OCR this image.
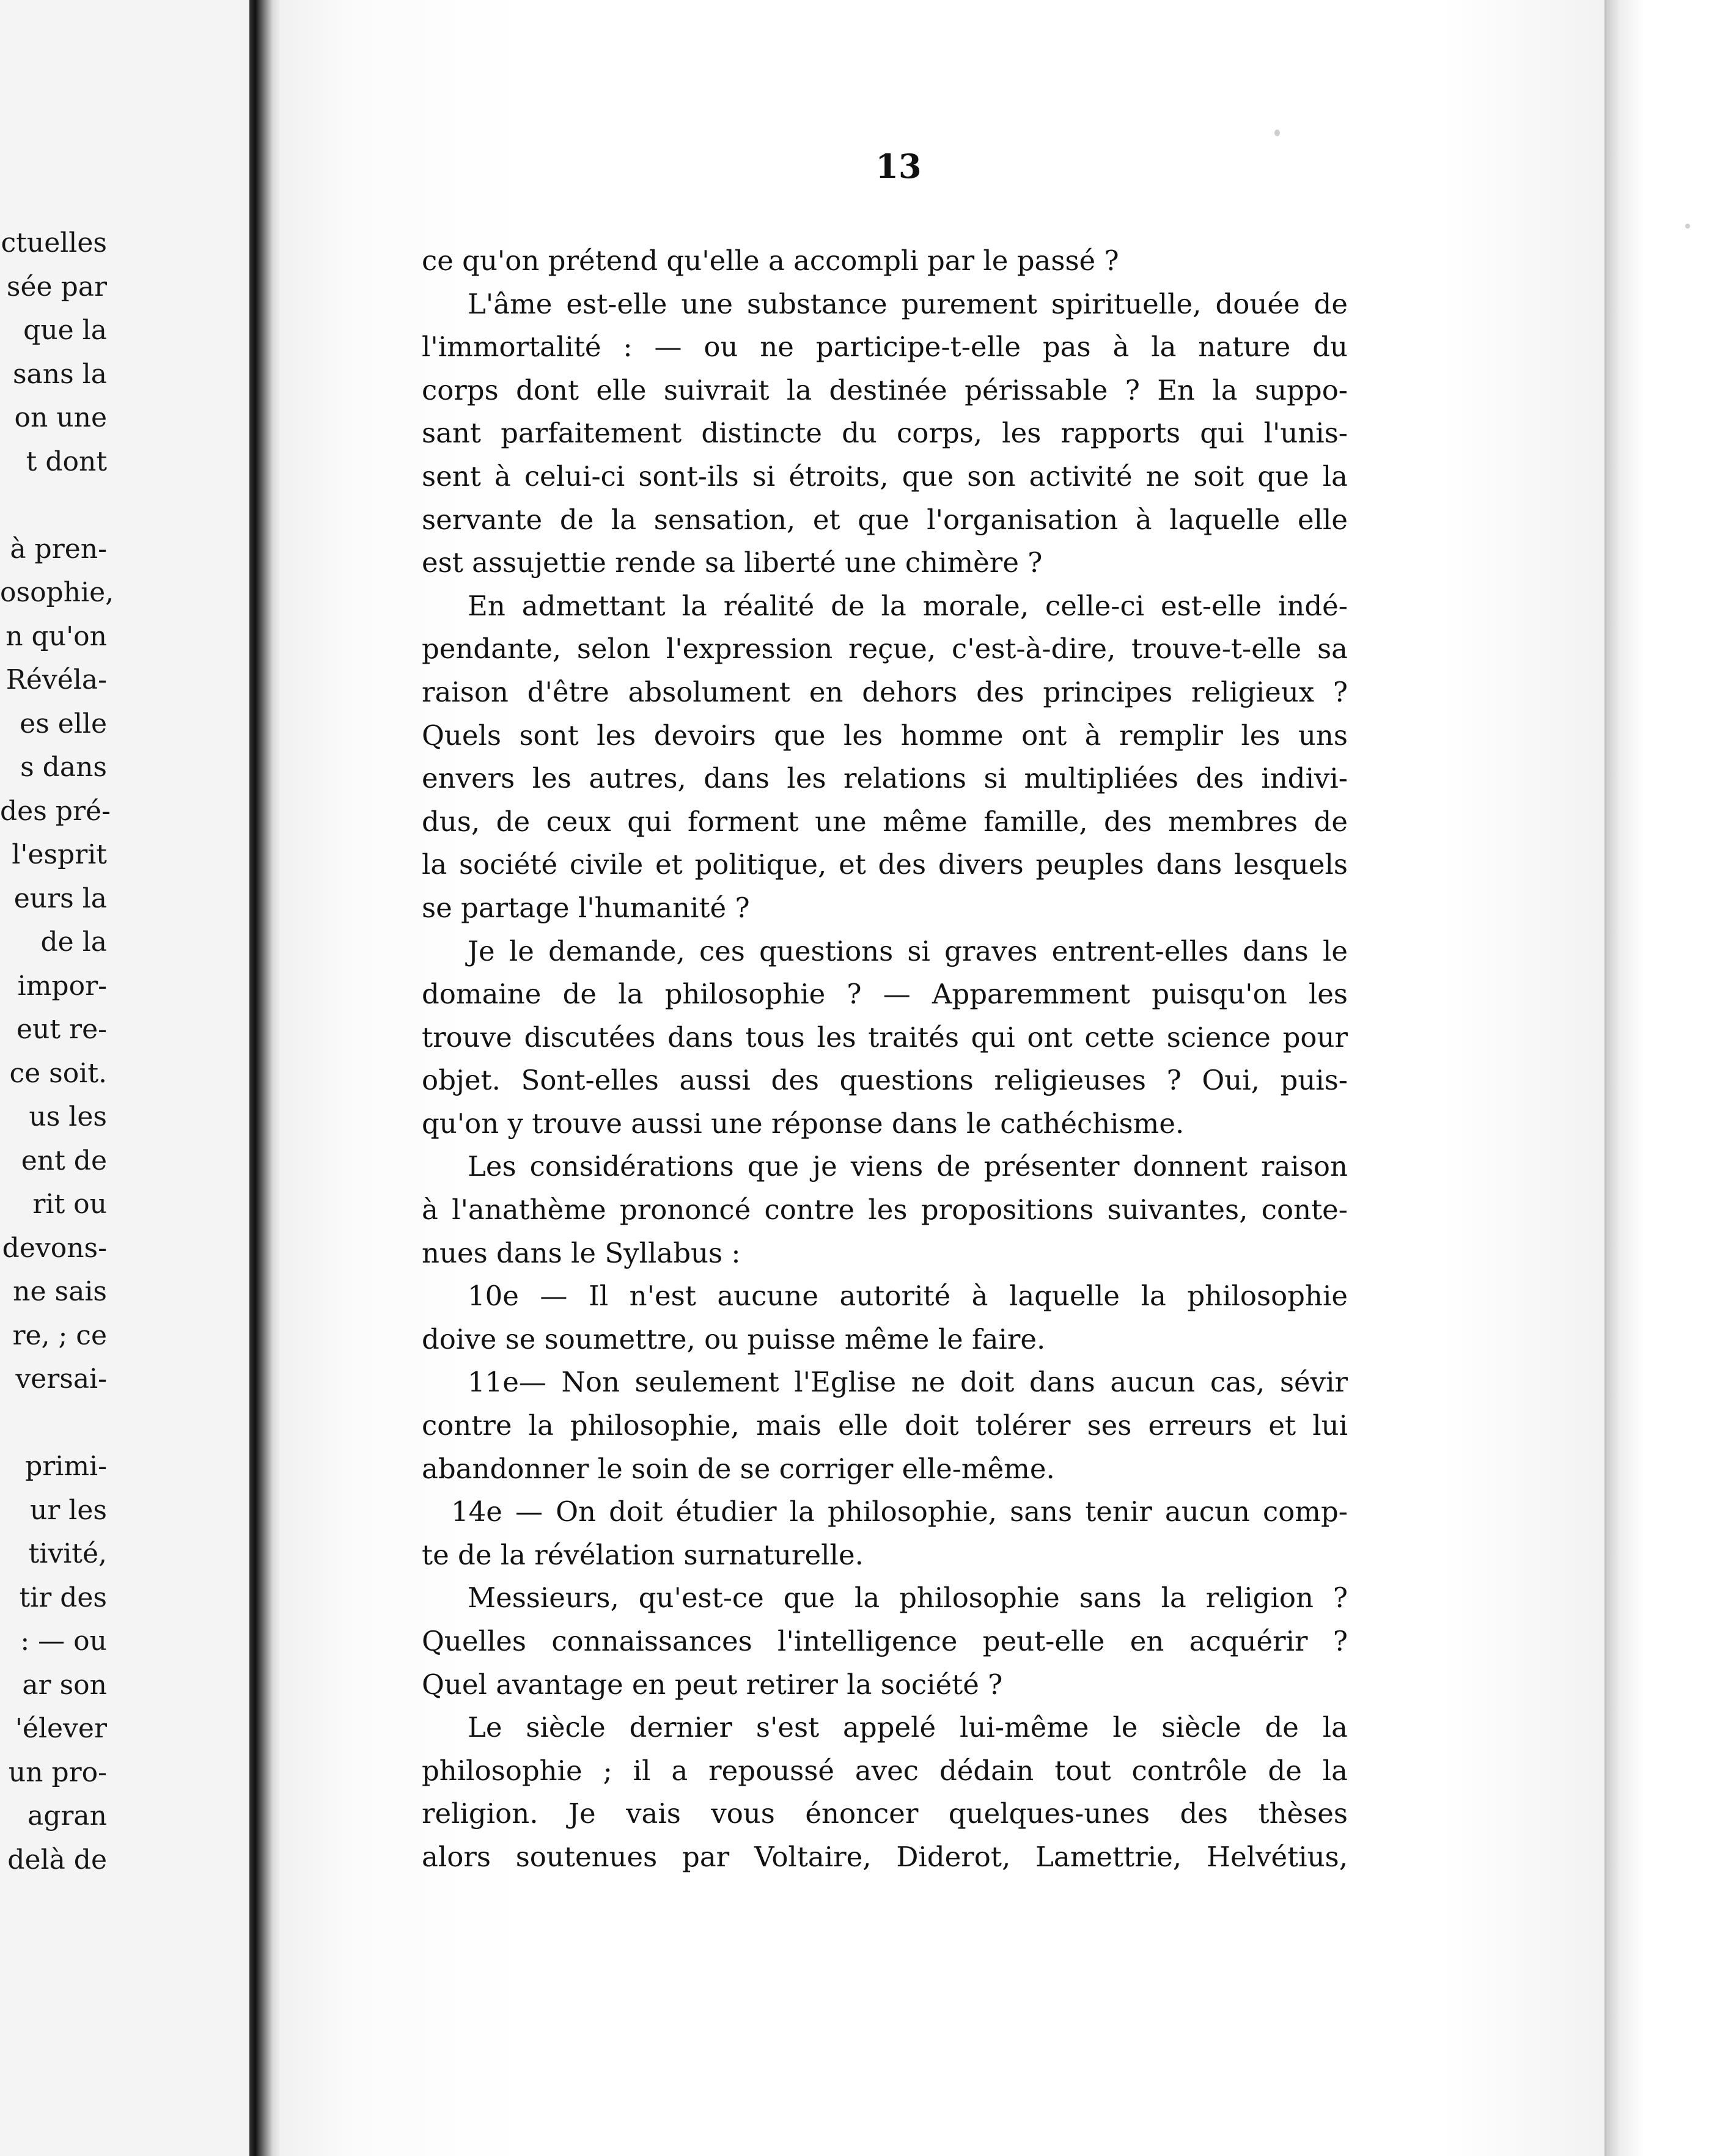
ctuelles
sée par
que la
sans la
on une
t dont
à pren-
osophie,
n qu'on
Révéla-
es elle
s dans
des pré-
l'esprit
eurs la
de la
impor-
eut re-
ce soit.
us les
ent de
rit ou
devons-
ne sais
re, ; ce
versai-
primi-
ur les
tivité,
tir des
: — ou
ar son
'élever
un pro-
agran
delà de
13
ce qu'on prétend qu'elle a accompli par le passé ?
L'âme est-elle une substance purement spirituelle, douée de
l'immortalité : — ou ne participe-t-elle pas à la nature du
corps dont elle suivrait la destinée périssable ? En la suppo-
sant parfaitement distincte du corps, les rapports qui l'unis-
sent à celui-ci sont-ils si étroits, que son activité ne soit que la
servante de la sensation, et que l'organisation à laquelle elle
est assujettie rende sa liberté une chimère ?
En admettant la réalité de la morale, celle-ci est-elle indé-
pendante, selon l'expression reçue, c'est-à-dire, trouve-t-elle sa
raison d'être absolument en dehors des principes religieux ?
Quels sont les devoirs que les homme ont à remplir les uns
envers les autres, dans les relations si multipliées des indivi-
dus, de ceux qui forment une même famille, des membres de
la société civile et politique, et des divers peuples dans lesquels
se partage l'humanité ?
Je le demande, ces questions si graves entrent-elles dans le
domaine de la philosophie ? — Apparemment puisqu'on les
trouve discutées dans tous les traités qui ont cette science pour
objet. Sont-elles aussi des questions religieuses ? Oui, puis-
qu'on y trouve aussi une réponse dans le cathéchisme.
Les considérations que je viens de présenter donnent raison
à l'anathème prononcé contre les propositions suivantes, conte-
nues dans le Syllabus :
10e — Il n'est aucune autorité à laquelle la philosophie
doive se soumettre, ou puisse même le faire.
11e— Non seulement l'Eglise ne doit dans aucun cas, sévir
contre la philosophie, mais elle doit tolérer ses erreurs et lui
abandonner le soin de se corriger elle-même.
14e — On doit étudier la philosophie, sans tenir aucun comp-
te de la révélation surnaturelle.
Messieurs, qu'est-ce que la philosophie sans la religion ?
Quelles connaissances l'intelligence peut-elle en acquérir ?
Quel avantage en peut retirer la société ?
Le siècle dernier s'est appelé lui-même le siècle de la
philosophie ; il a repoussé avec dédain tout contrôle de la
religion. Je vais vous énoncer quelques-unes des thèses
alors soutenues par Voltaire, Diderot, Lamettrie, Helvétius,
